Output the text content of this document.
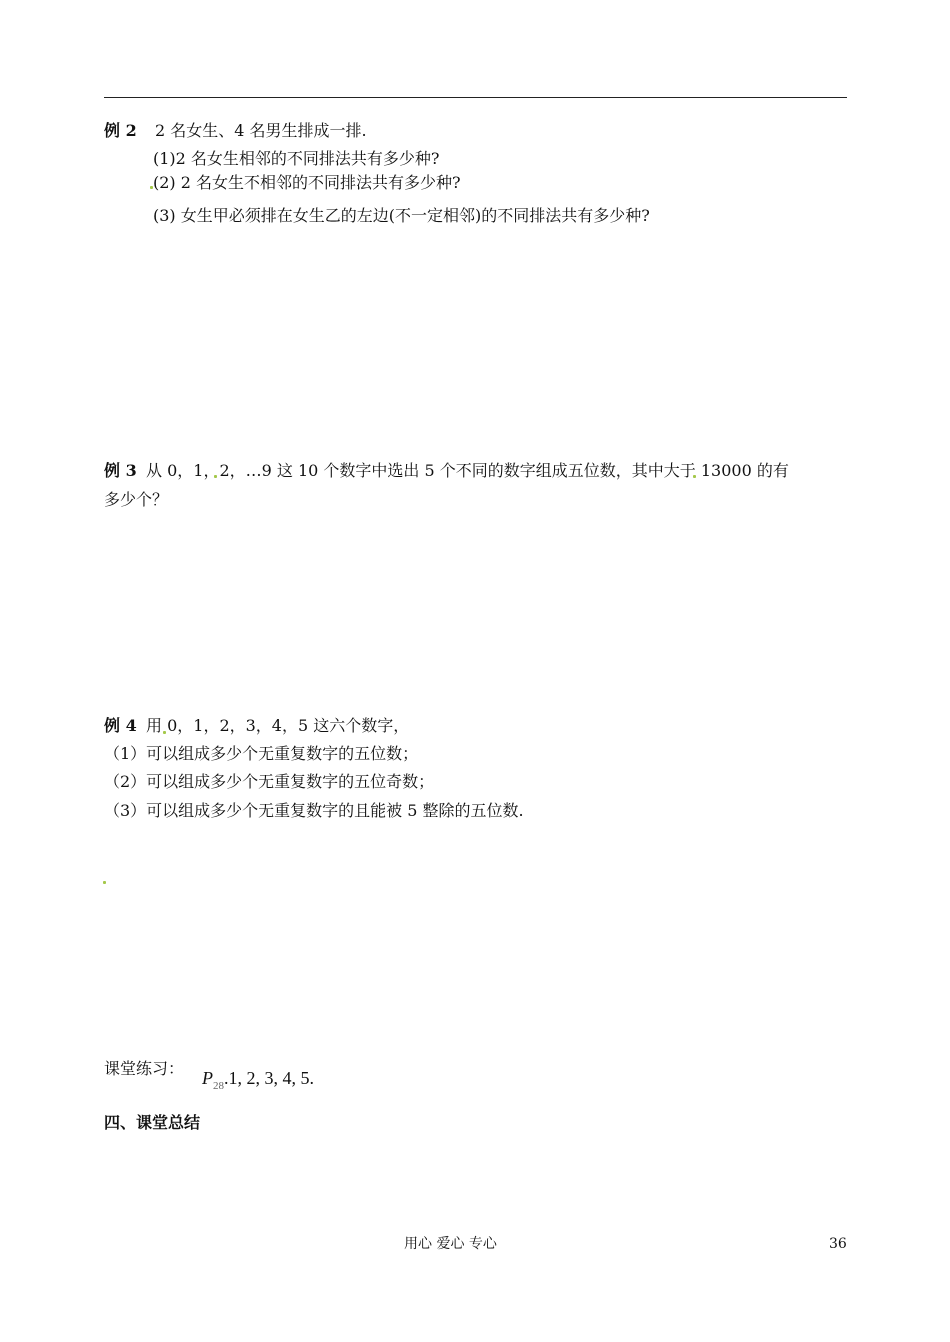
例 2 2 名女生、4 名男生排成一排.
(1)2 名女生相邻的不同排法共有多少种?
(2) 2 名女生不相邻的不同排法共有多少种?
(3) 女生甲必须排在女生乙的左边(不一定相邻)的不同排法共有多少种?
例 3 从 0，1，2，…9 这 10 个数字中选出 5 个不同的数字组成五位数，其中大于 13000 的有
多少个？
例 4 用 0，1，2，3，4，5 这六个数字，
（1）可以组成多少个无重复数字的五位数；
（2）可以组成多少个无重复数字的五位奇数；
（3）可以组成多少个无重复数字的且能被 5 整除的五位数.
课堂练习： $P_{28}.1$, 2, 3, 4, 5.
四、课堂总结
用心 爱心 专心	36
